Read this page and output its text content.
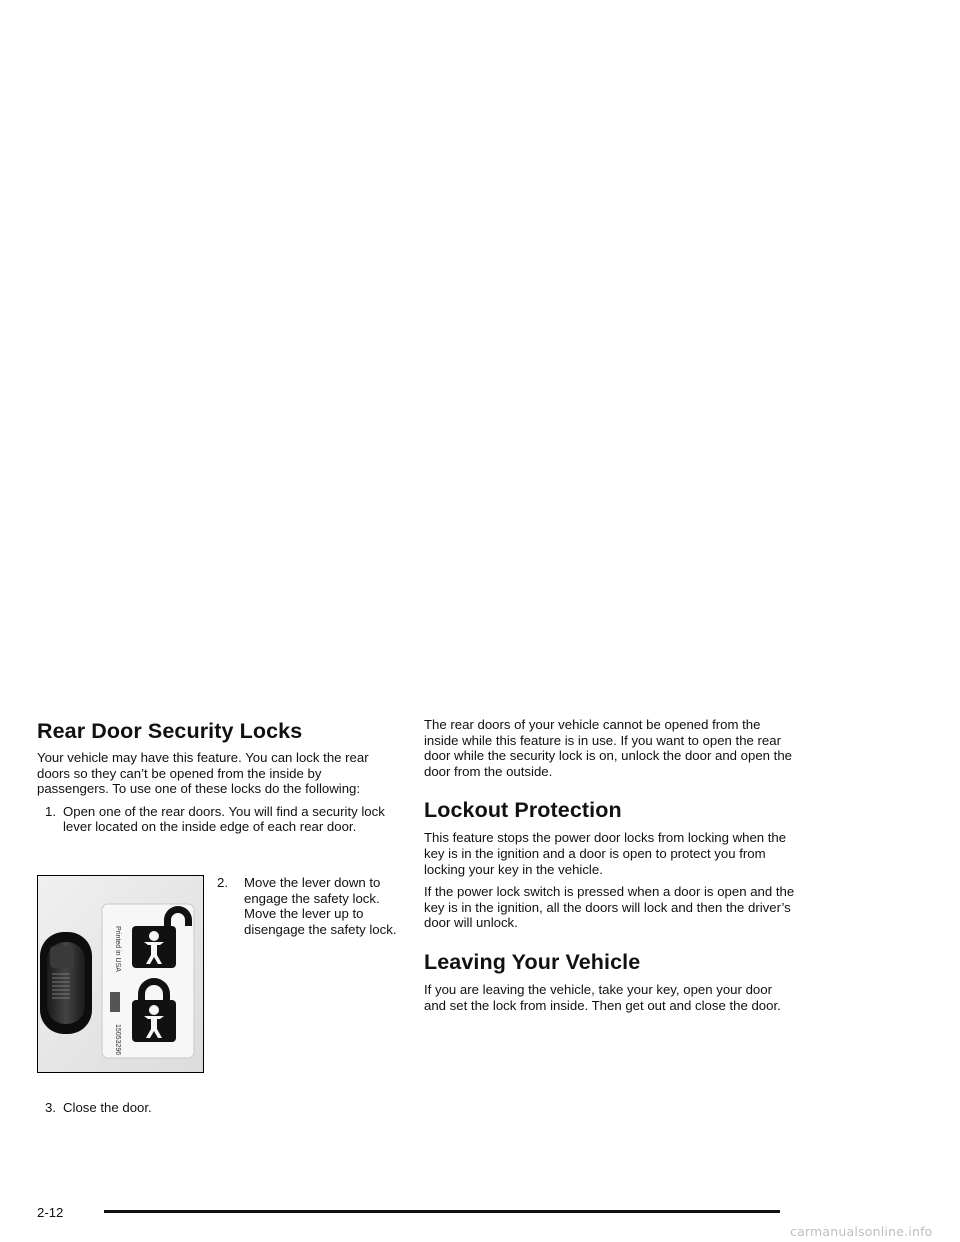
Rear Door Security Locks

Your vehicle may have this feature. You can lock the rear doors so they can’t be opened from the inside by passengers. To use one of these locks do the following:

1. Open one of the rear doors. You will find a security lock lever located on the inside edge of each rear door.
Printed in USA
15053296
2. Move the lever down to engage the safety lock. Move the lever up to disengage the safety lock.
3. Close the door.

The rear doors of your vehicle cannot be opened from the inside while this feature is in use. If you want to open the rear door while the security lock is on, unlock the door and open the door from the outside.

Lockout Protection

This feature stops the power door locks from locking when the key is in the ignition and a door is open to protect you from locking your key in the vehicle.

If the power lock switch is pressed when a door is open and the key is in the ignition, all the doors will lock and then the driver’s door will unlock.

Leaving Your Vehicle

If you are leaving the vehicle, take your key, open your door and set the lock from inside. Then get out and close the door.

2-12
carmanualsonline.info
